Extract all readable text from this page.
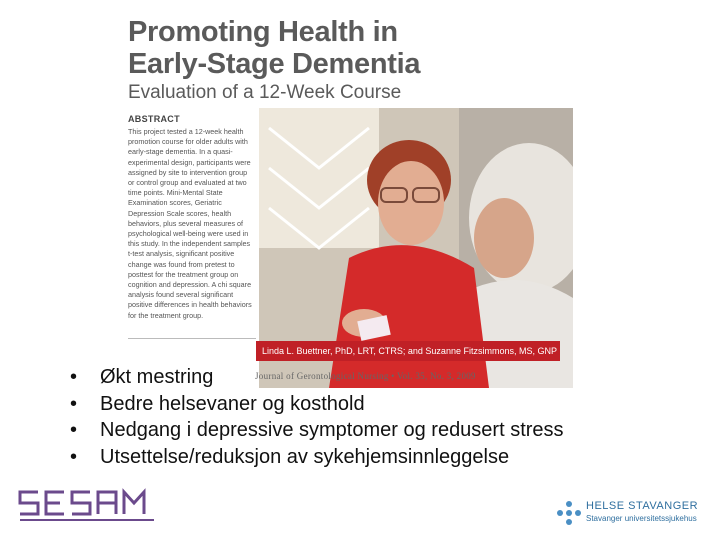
Promoting Health in
Early-Stage Dementia
Evaluation of a 12-Week Course
ABSTRACT
This project tested a 12-week health promotion course for older adults with early-stage dementia. In a quasi-experimental design, participants were assigned by site to intervention group or control group and evaluated at two time points. Mini-Mental State Examination scores, Geriatric Depression Scale scores, health behaviors, plus several measures of psychological well-being were used in this study. In the independent samples t-test analysis, significant positive change was found from pretest to posttest for the treatment group on cognition and depression. A chi square analysis found several significant positive differences in health behaviors for the treatment group.
Linda L. Buettner, PhD, LRT, CTRS; and Suzanne Fitzsimmons, MS, GNP
Journal of Gerontological Nursing • Vol. 35, No. 3, 2009
• Økt mestring
• Bedre helsevaner og kosthold
• Nedgang i depressive symptomer og redusert stress
• Utsettelse/reduksjon av sykehjemsinnleggelse
HELSE STAVANGER
Stavanger universitetssjukehus
